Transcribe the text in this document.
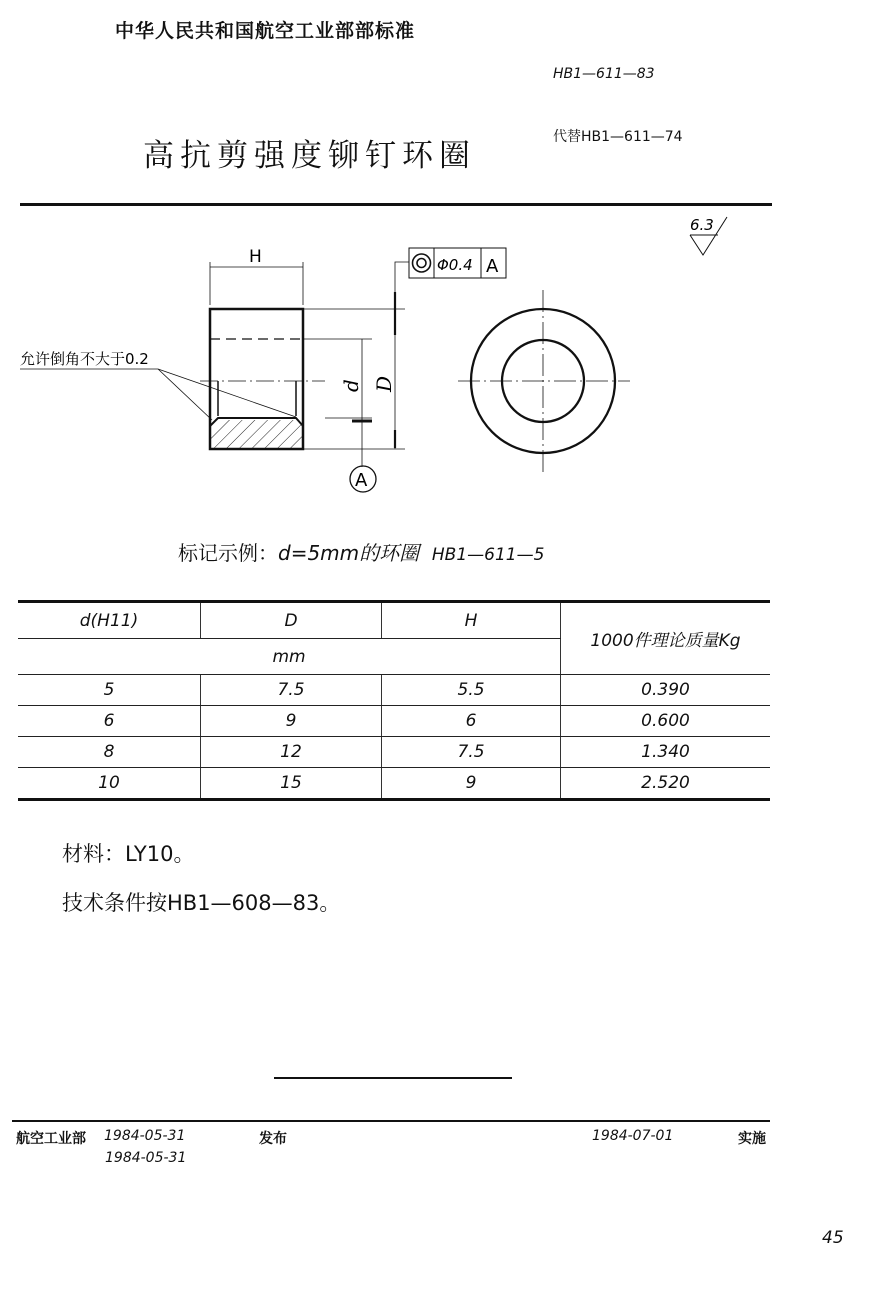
中华人民共和国航空工业部部标准
HB1—611—83
代替HB1—611—74
高抗剪强度铆钉环圈
H
d D
允许倒角不大于0.2
A
Φ0.4 A
6.3
标记示例：d=5mm的环圈 HB1—611—5
d(H11)	D	H	1000件理论质量Kg
mm			
5	7.5	5.5	0.390
6	9	6	0.600
8	12	7.5	1.340
10	15	9	2.520
材料：LY10。
技术条件按HB1—608—83。
航空工业部 1984-05-31
1984-05-31
发布	1984-07-01	实施
45
